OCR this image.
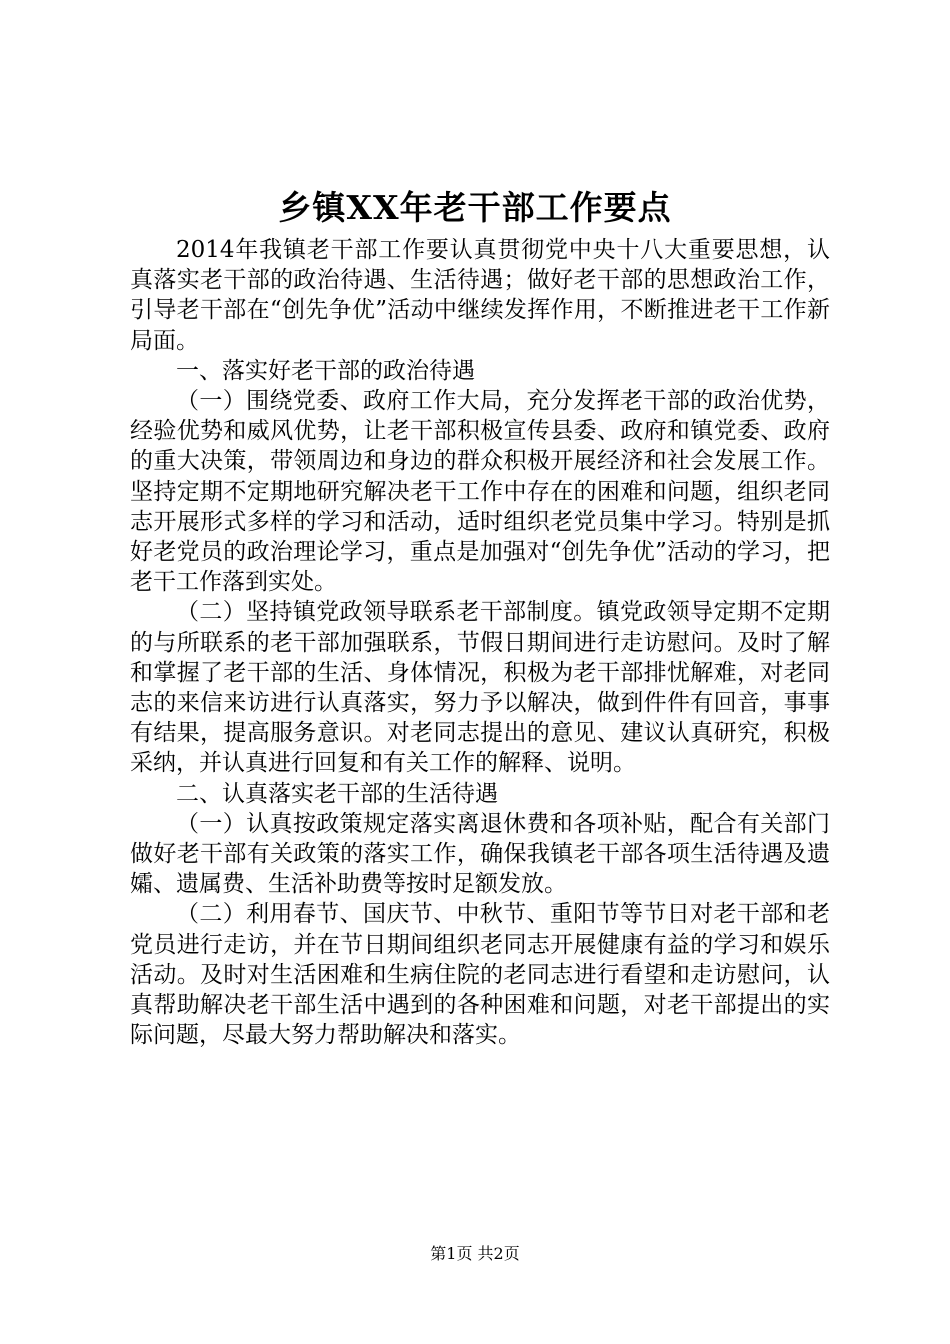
乡镇XX年老干部工作要点

2014年我镇老干部工作要认真贯彻党中央十八大重要思想，认真落实老干部的政治待遇、生活待遇；做好老干部的思想政治工作，引导老干部在“创先争优”活动中继续发挥作用，不断推进老干工作新局面。

一、落实好老干部的政治待遇

（一）围绕党委、政府工作大局，充分发挥老干部的政治优势，经验优势和威风优势，让老干部积极宣传县委、政府和镇党委、政府的重大决策，带领周边和身边的群众积极开展经济和社会发展工作。坚持定期不定期地研究解决老干工作中存在的困难和问题，组织老同志开展形式多样的学习和活动，适时组织老党员集中学习。特别是抓好老党员的政治理论学习，重点是加强对“创先争优”活动的学习，把老干工作落到实处。

（二）坚持镇党政领导联系老干部制度。镇党政领导定期不定期的与所联系的老干部加强联系，节假日期间进行走访慰问。及时了解和掌握了老干部的生活、身体情况，积极为老干部排忧解难，对老同志的来信来访进行认真落实，努力予以解决，做到件件有回音，事事有结果，提高服务意识。对老同志提出的意见、建议认真研究，积极采纳，并认真进行回复和有关工作的解释、说明。

二、认真落实老干部的生活待遇

（一）认真按政策规定落实离退休费和各项补贴，配合有关部门做好老干部有关政策的落实工作，确保我镇老干部各项生活待遇及遗孀、遗属费、生活补助费等按时足额发放。

（二）利用春节、国庆节、中秋节、重阳节等节日对老干部和老党员进行走访，并在节日期间组织老同志开展健康有益的学习和娱乐活动。及时对生活困难和生病住院的老同志进行看望和走访慰问，认真帮助解决老干部生活中遇到的各种困难和问题，对老干部提出的实际问题，尽最大努力帮助解决和落实。

第1页 共2页
